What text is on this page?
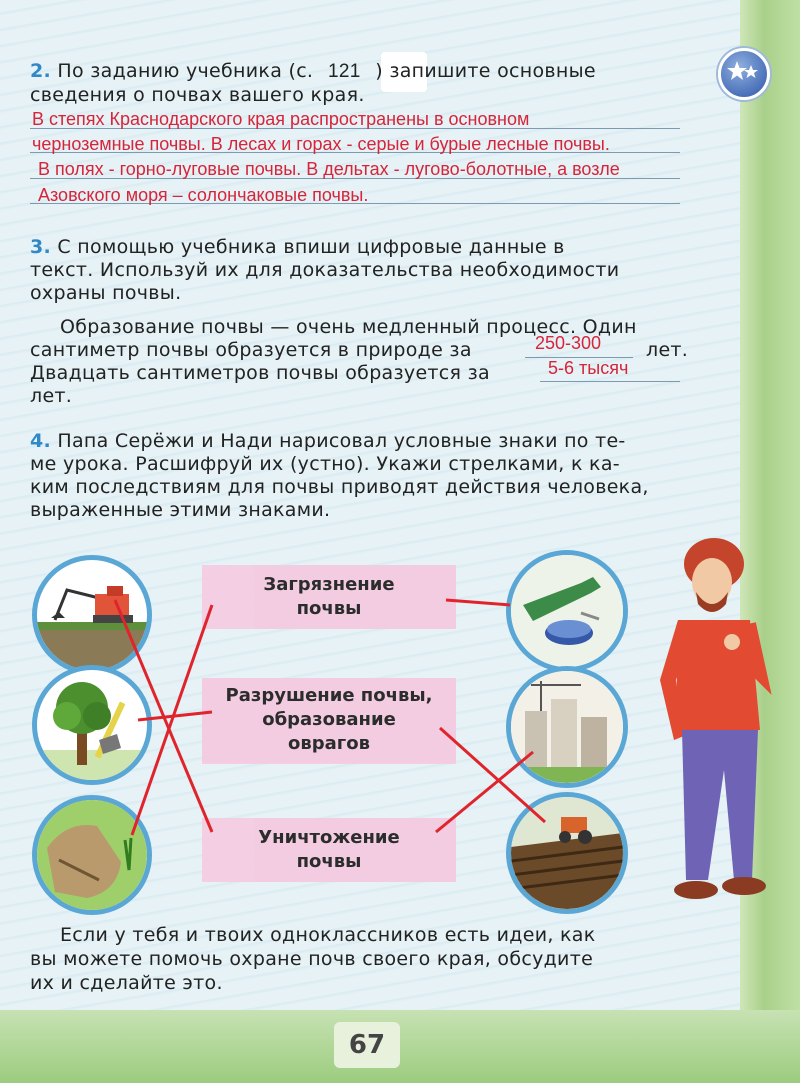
67
2. По заданию учебника (с. 121 ) запишите основные
сведения о почвах вашего края.
В степях Краснодарского края распространены в основном
черноземные почвы. В лесах и горах - серые и бурые лесные почвы.
В полях - горно-луговые почвы. В дельтах - лугово-болотные, а возле
Азовского моря – солончаковые почвы.
3. С помощью учебника впиши цифровые данные в
текст. Используй их для доказательства необходимости
охраны почвы.
Образование почвы — очень медленный процесс. Один
сантиметр почвы образуется в природе за	250-300 лет.
Двадцать сантиметров почвы образуется за	5-6 тысяч
лет.
4. Папа Серёжи и Нади нарисовал условные знаки по те-
ме урока. Расшифруй их (устно). Укажи стрелками, к ка-
ким последствиям для почвы приводят действия человека,
выраженные этими знаками.
Загрязнение
почвы
Разрушение почвы,
образование
оврагов
Уничтожение
почвы
Если у тебя и твоих одноклассников есть идеи, как
вы можете помочь охране почв своего края, обсудите
их и сделайте это.
